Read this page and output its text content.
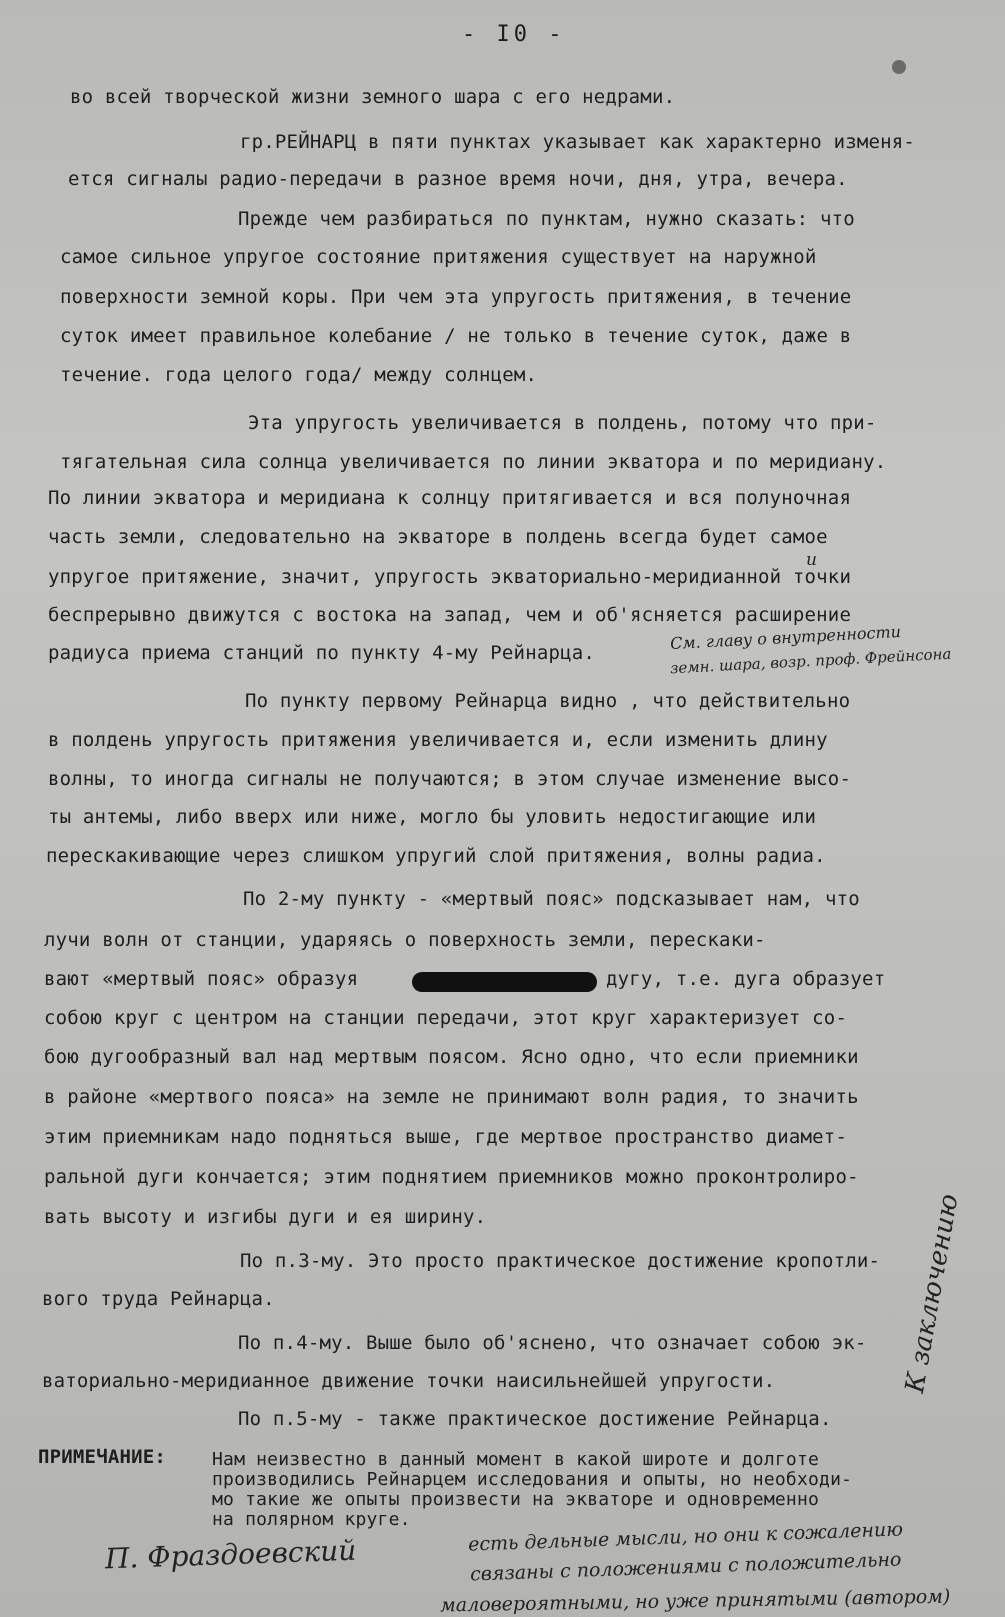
- I0 -
во всей творческой жизни земного шара с его недрами.
гр.РЕЙНАРЦ в пяти пунктах указывает как характерно изменя-
ется сигналы радио-передачи в разное время ночи, дня, утра, вечера.
Прежде чем разбираться по пунктам, нужно сказать: что
самое сильное упругое состояние притяжения существует на наружной
поверхности земной коры. При чем эта упругость притяжения, в течение
суток имеет правильное колебание / не только в течение суток, даже в
течение. года целого года/ между солнцем.
Эта упругость увеличивается в полдень, потому что при-
тягательная сила солнца увеличивается по линии экватора и по меридиану.
По линии экватора и меридиана к солнцу притягивается и вся полуночная
часть земли, следовательно на экваторе в полдень всегда будет самое
и
упругое притяжение, значит, упругость экваториально-меридианной точки
беспрерывно движутся с востока на запад, чем и об'ясняется расширение
радиуса приема станций по пункту 4-му Рейнарца.	См. главу о внутренности
земн. шара, возр. проф. Фрейнсона
По пункту первому Рейнарца видно , что действительно
в полдень упругость притяжения увеличивается и, если изменить длину
волны, то иногда сигналы не получаются; в этом случае изменение высо-
ты антемы, либо вверх или ниже, могло бы уловить недостигающие или
перескакивающие через слишком упругий слой притяжения, волны радиа.
По 2-му пункту - «мертвый пояс» подсказывает нам, что
лучи волн от станции, ударяясь о поверхность земли, перескаки-
вают «мертвый пояс» образуя	дугу, т.е. дуга образует
собою круг с центром на станции передачи, этот круг характеризует со-
бою дугообразный вал над мертвым поясом. Ясно одно, что если приемники
в районе «мертвого пояса» на земле не принимают волн радия, то значить
этим приемникам надо подняться выше, где мертвое пространство диамет-
ральной дуги кончается; этим поднятием приемников можно проконтролиро-
вать высоту и изгибы дуги и ея ширину.
По п.3-му. Это просто практическое достижение кропотли-
вого труда Рейнарца.
По п.4-му. Выше было об'яснено, что означает собою эк-
ваториально-меридианное движение точки наисильнейшей упругости.
По п.5-му - также практическое достижение Рейнарца.
ПРИМЕЧАНИЕ:	Нам неизвестно в данный момент в какой широте и долготе
производились Рейнарцем исследования и опыты, но необходи-
мо такие же опыты произвести на экваторе и одновременно
на полярном круге.
П. Фраздоевский	есть дельные мысли, но они к сожалению
связаны с положениями с положительно
маловероятными, но уже принятыми (автором)
К заключению
